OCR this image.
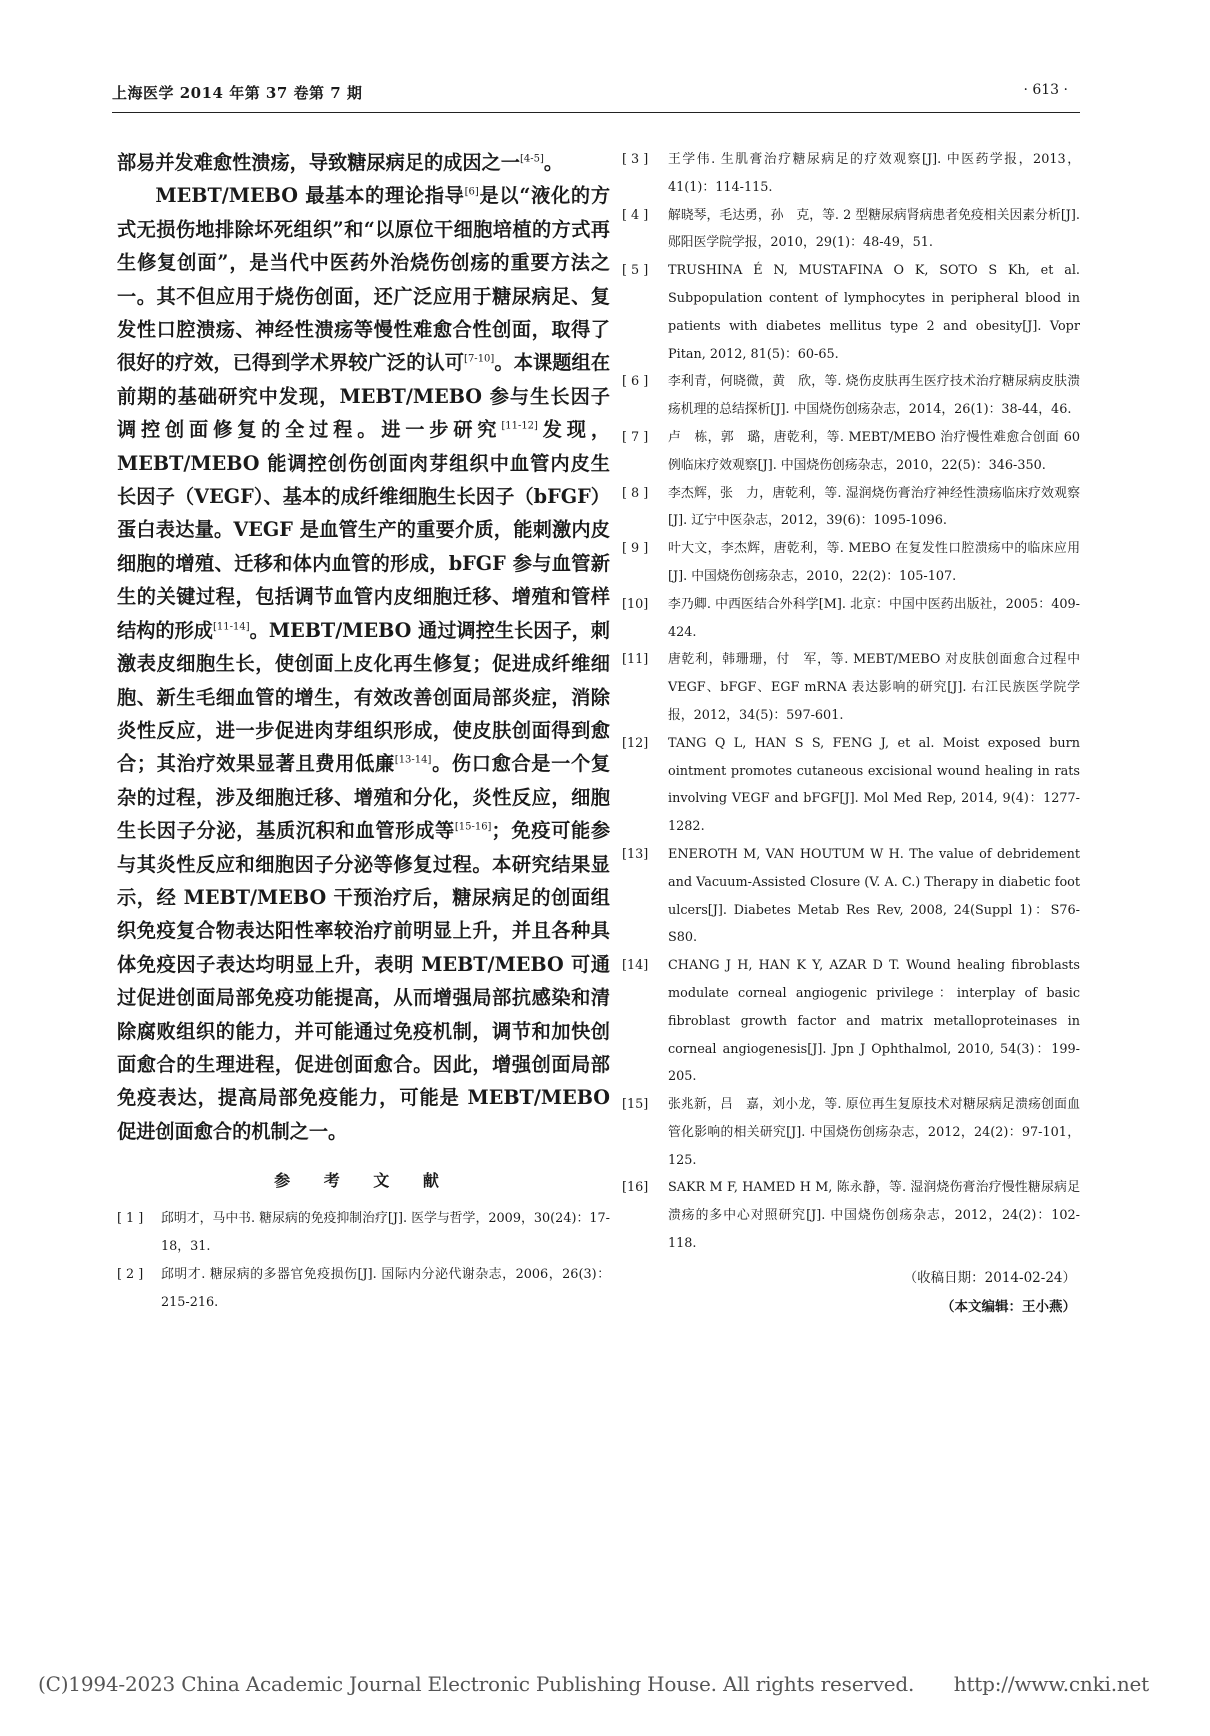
上海医学 2014 年第 37 卷第 7 期	· 613 ·

部易并发难愈性溃疡，导致糖尿病足的成因之一[4-5]。

MEBT/MEBO 最基本的理论指导[6]是以“液化的方式无损伤地排除坏死组织”和“以原位干细胞培植的方式再生修复创面”，是当代中医药外治烧伤创疡的重要方法之一。其不但应用于烧伤创面，还广泛应用于糖尿病足、复发性口腔溃疡、神经性溃疡等慢性难愈合性创面，取得了很好的疗效，已得到学术界较广泛的认可[7-10]。本课题组在前期的基础研究中发现，MEBT/MEBO 参与生长因子调控创面修复的全过程。进一步研究[11-12]发现，MEBT/MEBO 能调控创伤创面肉芽组织中血管内皮生长因子（VEGF）、基本的成纤维细胞生长因子（bFGF）蛋白表达量。VEGF 是血管生产的重要介质，能刺激内皮细胞的增殖、迁移和体内血管的形成，bFGF 参与血管新生的关键过程，包括调节血管内皮细胞迁移、增殖和管样结构的形成[11-14]。MEBT/MEBO 通过调控生长因子，刺激表皮细胞生长，使创面上皮化再生修复；促进成纤维细胞、新生毛细血管的增生，有效改善创面局部炎症，消除炎性反应，进一步促进肉芽组织形成，使皮肤创面得到愈合；其治疗效果显著且费用低廉[13-14]。伤口愈合是一个复杂的过程，涉及细胞迁移、增殖和分化，炎性反应，细胞生长因子分泌，基质沉积和血管形成等[15-16]；免疫可能参与其炎性反应和细胞因子分泌等修复过程。本研究结果显示，经 MEBT/MEBO 干预治疗后，糖尿病足的创面组织免疫复合物表达阳性率较治疗前明显上升，并且各种具体免疫因子表达均明显上升，表明 MEBT/MEBO 可通过促进创面局部免疫功能提高，从而增强局部抗感染和清除腐败组织的能力，并可能通过免疫机制，调节和加快创面愈合的生理进程，促进创面愈合。因此，增强创面局部免疫表达，提高局部免疫能力，可能是 MEBT/MEBO 促进创面愈合的机制之一。

参 考 文 献

[ 1 ] 邱明才，马中书. 糖尿病的免疫抑制治疗[J]. 医学与哲学，2009，30(24)：17-18，31.

[ 2 ] 邱明才. 糖尿病的多器官免疫损伤[J]. 国际内分泌代谢杂志，2006，26(3)：215-216.

[ 3 ] 王学伟. 生肌膏治疗糖尿病足的疗效观察[J]. 中医药学报，2013，41(1)：114-115.

[ 4 ] 解晓琴，毛达勇，孙　克，等. 2 型糖尿病肾病患者免疫相关因素分析[J]. 郧阳医学院学报，2010，29(1)：48-49，51.

[ 5 ] TRUSHINA É N, MUSTAFINA O K, SOTO S Kh, et al. Subpopulation content of lymphocytes in peripheral blood in patients with diabetes mellitus type 2 and obesity[J]. Vopr Pitan, 2012, 81(5)：60-65.

[ 6 ] 李利青，何晓微，黄　欣，等. 烧伤皮肤再生医疗技术治疗糖尿病皮肤溃疡机理的总结探析[J]. 中国烧伤创疡杂志，2014，26(1)：38-44，46.

[ 7 ] 卢　栋，郭　璐，唐乾利，等. MEBT/MEBO 治疗慢性难愈合创面 60 例临床疗效观察[J]. 中国烧伤创疡杂志，2010，22(5)：346-350.

[ 8 ] 李杰辉，张　力，唐乾利，等. 湿润烧伤膏治疗神经性溃疡临床疗效观察[J]. 辽宁中医杂志，2012，39(6)：1095-1096.

[ 9 ] 叶大文，李杰辉，唐乾利，等. MEBO 在复发性口腔溃疡中的临床应用[J]. 中国烧伤创疡杂志，2010，22(2)：105-107.

[10] 李乃卿. 中西医结合外科学[M]. 北京：中国中医药出版社，2005：409-424.

[11] 唐乾利，韩珊珊，付　军，等. MEBT/MEBO 对皮肤创面愈合过程中 VEGF、bFGF、EGF mRNA 表达影响的研究[J]. 右江民族医学院学报，2012，34(5)：597-601.

[12] TANG Q L, HAN S S, FENG J, et al. Moist exposed burn ointment promotes cutaneous excisional wound healing in rats involving VEGF and bFGF[J]. Mol Med Rep, 2014, 9(4)：1277-1282.

[13] ENEROTH M, VAN HOUTUM W H. The value of debridement and Vacuum-Assisted Closure (V. A. C.) Therapy in diabetic foot ulcers[J]. Diabetes Metab Res Rev, 2008, 24(Suppl 1)：S76-S80.

[14] CHANG J H, HAN K Y, AZAR D T. Wound healing fibroblasts modulate corneal angiogenic privilege：interplay of basic fibroblast growth factor and matrix metalloproteinases in corneal angiogenesis[J]. Jpn J Ophthalmol, 2010, 54(3)：199-205.

[15] 张兆新，吕　嘉，刘小龙，等. 原位再生复原技术对糖尿病足溃疡创面血管化影响的相关研究[J]. 中国烧伤创疡杂志，2012，24(2)：97-101，125.

[16] SAKR M F, HAMED H M, 陈永静，等. 湿润烧伤膏治疗慢性糖尿病足溃疡的多中心对照研究[J]. 中国烧伤创疡杂志，2012，24(2)：102-118.

（收稿日期：2014-02-24）
（本文编辑：王小燕）
(C)1994-2023 China Academic Journal Electronic Publishing House. All rights reserved.　　http://www.cnki.net
